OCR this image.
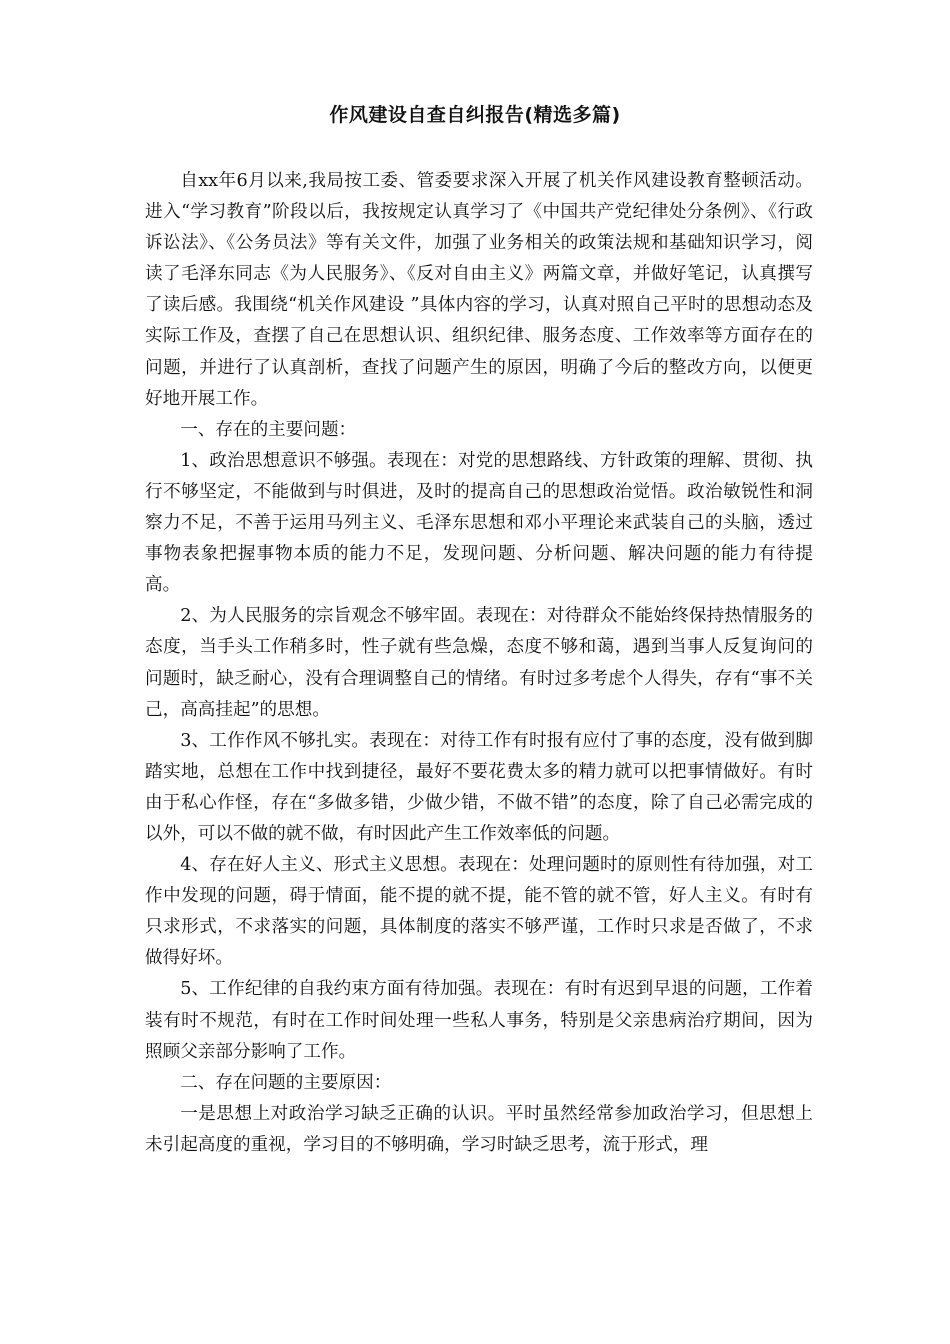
作风建设自查自纠报告(精选多篇)

自xx年6月以来,我局按工委、管委要求深入开展了机关作风建设教育整顿活动。进入“学习教育”阶段以后，我按规定认真学习了《中国共产党纪律处分条例》、《行政诉讼法》、《公务员法》等有关文件，加强了业务相关的政策法规和基础知识学习，阅读了毛泽东同志《为人民服务》、《反对自由主义》两篇文章，并做好笔记，认真撰写了读后感。我围绕“机关作风建设 ”具体内容的学习，认真对照自己平时的思想动态及实际工作及，查摆了自己在思想认识、组织纪律、服务态度、工作效率等方面存在的问题，并进行了认真剖析，查找了问题产生的原因，明确了今后的整改方向，以便更好地开展工作。

一、存在的主要问题：

1、政治思想意识不够强。表现在：对党的思想路线、方针政策的理解、贯彻、执行不够坚定，不能做到与时俱进，及时的提高自己的思想政治觉悟。政治敏锐性和洞察力不足，不善于运用马列主义、毛泽东思想和邓小平理论来武装自己的头脑，透过事物表象把握事物本质的能力不足，发现问题、分析问题、解决问题的能力有待提高。

2、为人民服务的宗旨观念不够牢固。表现在：对待群众不能始终保持热情服务的态度，当手头工作稍多时，性子就有些急燥，态度不够和蔼，遇到当事人反复询问的问题时，缺乏耐心，没有合理调整自己的情绪。有时过多考虑个人得失，存有“事不关己，高高挂起”的思想。

3、工作作风不够扎实。表现在：对待工作有时报有应付了事的态度，没有做到脚踏实地，总想在工作中找到捷径，最好不要花费太多的精力就可以把事情做好。有时由于私心作怪，存在“多做多错，少做少错，不做不错”的态度，除了自己必需完成的以外，可以不做的就不做，有时因此产生工作效率低的问题。

4、存在好人主义、形式主义思想。表现在：处理问题时的原则性有待加强，对工作中发现的问题，碍于情面，能不提的就不提，能不管的就不管，好人主义。有时有只求形式，不求落实的问题，具体制度的落实不够严谨，工作时只求是否做了，不求做得好坏。

5、工作纪律的自我约束方面有待加强。表现在：有时有迟到早退的问题，工作着装有时不规范，有时在工作时间处理一些私人事务，特别是父亲患病治疗期间，因为照顾父亲部分影响了工作。

二、存在问题的主要原因：

一是思想上对政治学习缺乏正确的认识。平时虽然经常参加政治学习，但思想上未引起高度的重视，学习目的不够明确，学习时缺乏思考，流于形式，理
